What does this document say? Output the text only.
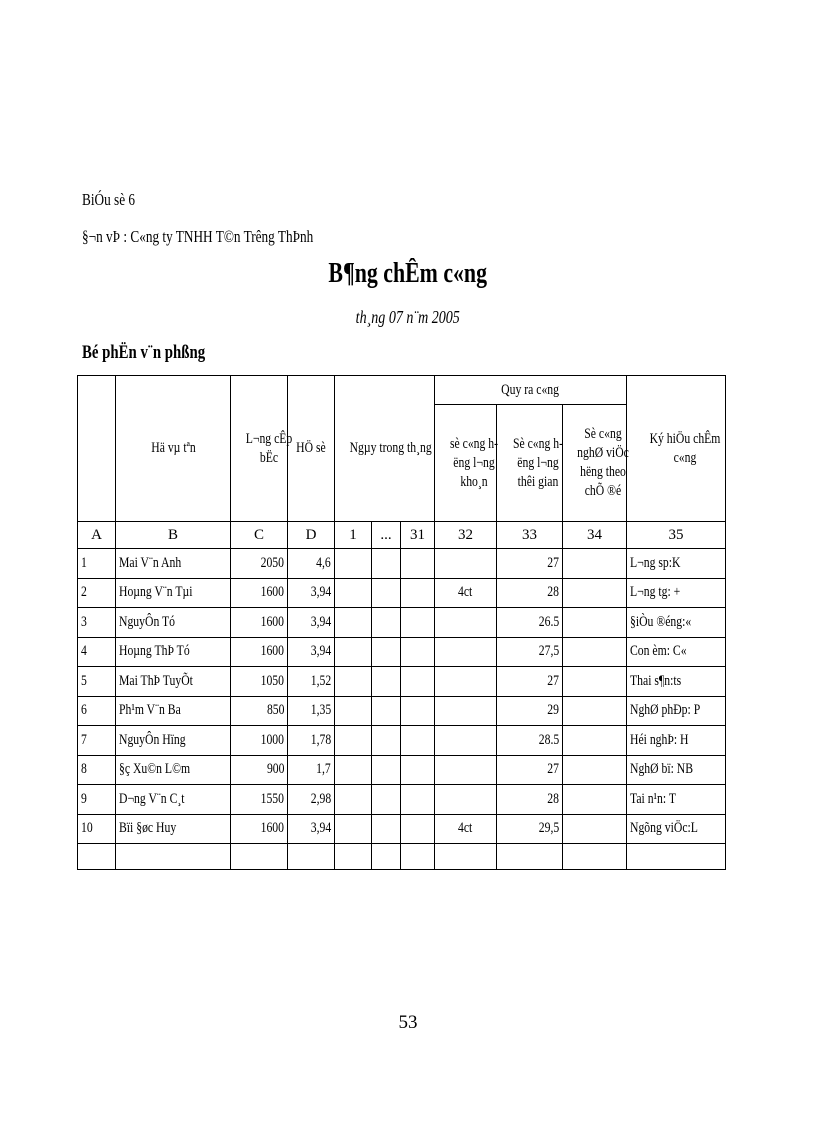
BiÓu sè 6
§¬n vÞ : C«ng ty TNHH T©n Trêng ThÞnh
B¶ng chÊm c«ng
th¸ng 07 n¨m 2005
Bé phËn v¨n phßng
	Hä vµ tªn	L¬ng cÊp bËc	HÖ sè	Ngµy trong th¸ng			Quy ra c«ng			Ký hiÖu chÊm c«ng
							sè c«ng hëng l¬ng kho¸n	Sè c«ng hëng l¬ng thêi gian	Sè c«ng nghØ viÖc hëng theo chÕ ®é	
A	B	C	D	1	...	31	32	33	34	35
1	Mai V¨n Anh	2050	4,6					27		L¬ng sp:K
2	Hoµng V¨n Tµi	1600	3,94				4ct	28		L¬ng tg: +
3	NguyÔn Tó	1600	3,94					26.5		§iÒu ®éng:«
4	Hoµng ThÞ Tó	1600	3,94					27,5		Con èm: C«
5	Mai ThÞ TuyÕt	1050	1,52					27		Thai s¶n:ts
6	Ph¹m V¨n Ba	850	1,35					29		NghØ phÐp: P
7	NguyÔn Hïng	1000	1,78					28.5		Héi nghÞ: H
8	§ç Xu©n L©m	900	1,7					27		NghØ bï: NB
9	D¬ng V¨n C¸t	1550	2,98					28		Tai n¹n: T
10	Bïi §øc Huy	1600	3,94				4ct	29,5		Ngõng viÖc:L

53
